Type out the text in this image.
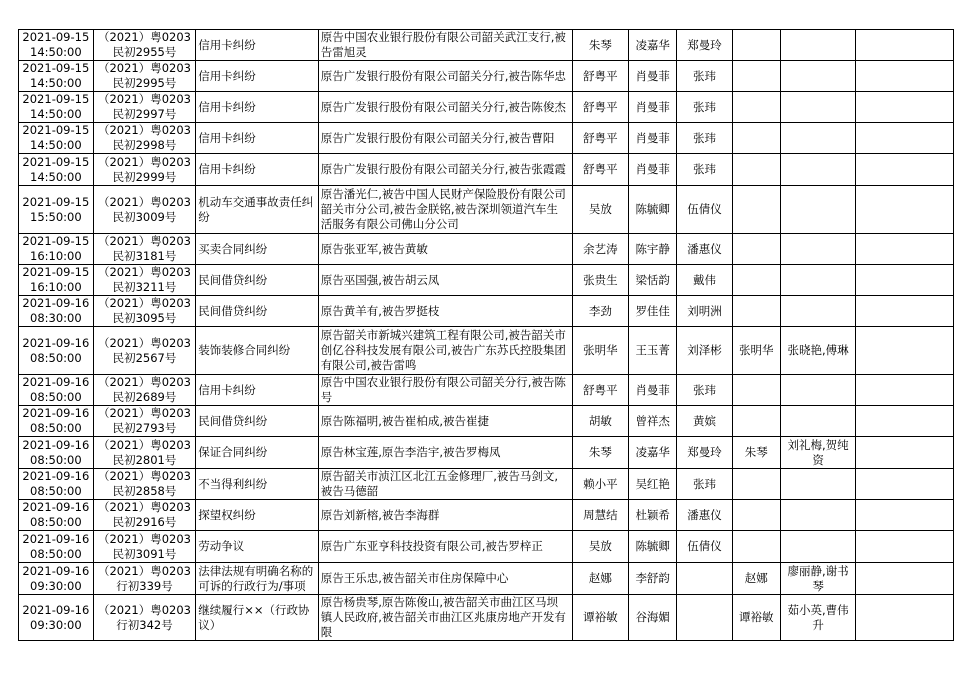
2021-09-15 14:50:00	（2021）粤0203民初2955号	信用卡纠纷	原告中国农业银行股份有限公司韶关武江支行,被告雷旭灵	朱琴	凌嘉华	郑曼玲			
2021-09-15 14:50:00	（2021）粤0203民初2995号	信用卡纠纷	原告广发银行股份有限公司韶关分行,被告陈华忠	舒粤平	肖曼菲	张玮			
2021-09-15 14:50:00	（2021）粤0203民初2997号	信用卡纠纷	原告广发银行股份有限公司韶关分行,被告陈俊杰	舒粤平	肖曼菲	张玮			
2021-09-15 14:50:00	（2021）粤0203民初2998号	信用卡纠纷	原告广发银行股份有限公司韶关分行,被告曹阳	舒粤平	肖曼菲	张玮			
2021-09-15 14:50:00	（2021）粤0203民初2999号	信用卡纠纷	原告广发银行股份有限公司韶关分行,被告张霞霞	舒粤平	肖曼菲	张玮			
2021-09-15 15:50:00	（2021）粤0203民初3009号	机动车交通事故责任纠纷	原告潘光仁,被告中国人民财产保险股份有限公司韶关市分公司,被告金朕铭,被告深圳领道汽车生活服务有限公司佛山分公司	吴放	陈毓卿	伍倩仪			
2021-09-15 16:10:00	（2021）粤0203民初3181号	买卖合同纠纷	原告张亚军,被告黄敏	余艺涛	陈宇静	潘惠仪			
2021-09-15 16:10:00	（2021）粤0203民初3211号	民间借贷纠纷	原告巫国强,被告胡云凤	张贵生	梁恬韵	戴伟			
2021-09-16 08:30:00	（2021）粤0203民初3095号	民间借贷纠纷	原告黄羊有,被告罗挺枝	李劲	罗佳佳	刘明洲			
2021-09-16 08:50:00	（2021）粤0203民初2567号	装饰装修合同纠纷	原告韶关市新城兴建筑工程有限公司,被告韶关市创亿谷科技发展有限公司,被告广东苏氏控股集团有限公司,被告雷鸣	张明华	王玉菁	刘泽彬	张明华	张晓艳,傅琳	
2021-09-16 08:50:00	（2021）粤0203民初2689号	信用卡纠纷	原告中国农业银行股份有限公司韶关分行,被告陈号	舒粤平	肖曼菲	张玮			
2021-09-16 08:50:00	（2021）粤0203民初2793号	民间借贷纠纷	原告陈福明,被告崔柏成,被告崔捷	胡敏	曾祥杰	黄嫔			
2021-09-16 08:50:00	（2021）粤0203民初2801号	保证合同纠纷	原告林宝莲,原告李浩宇,被告罗梅凤	朱琴	凌嘉华	郑曼玲	朱琴	刘礼梅,贺纯资	
2021-09-16 08:50:00	（2021）粤0203民初2858号	不当得利纠纷	原告韶关市浈江区北江五金修理厂,被告马剑文,被告马德韶	赖小平	吴红艳	张玮			
2021-09-16 08:50:00	（2021）粤0203民初2916号	探望权纠纷	原告刘新榕,被告李海群	周慧结	杜颖希	潘惠仪			
2021-09-16 08:50:00	（2021）粤0203民初3091号	劳动争议	原告广东亚亨科技投资有限公司,被告罗梓正	吴放	陈毓卿	伍倩仪			
2021-09-16 09:30:00	（2021）粤0203行初339号	法律法规有明确名称的可诉的行政行为/事项	原告王乐忠,被告韶关市住房保障中心	赵娜	李舒韵		赵娜	廖丽静,谢书琴	
2021-09-16 09:30:00	（2021）粤0203行初342号	继续履行××（行政协议）	原告杨贵琴,原告陈俊山,被告韶关市曲江区马坝镇人民政府,被告韶关市曲江区兆康房地产开发有限	谭裕敏	谷海媚		谭裕敏	茹小英,曹伟升	
